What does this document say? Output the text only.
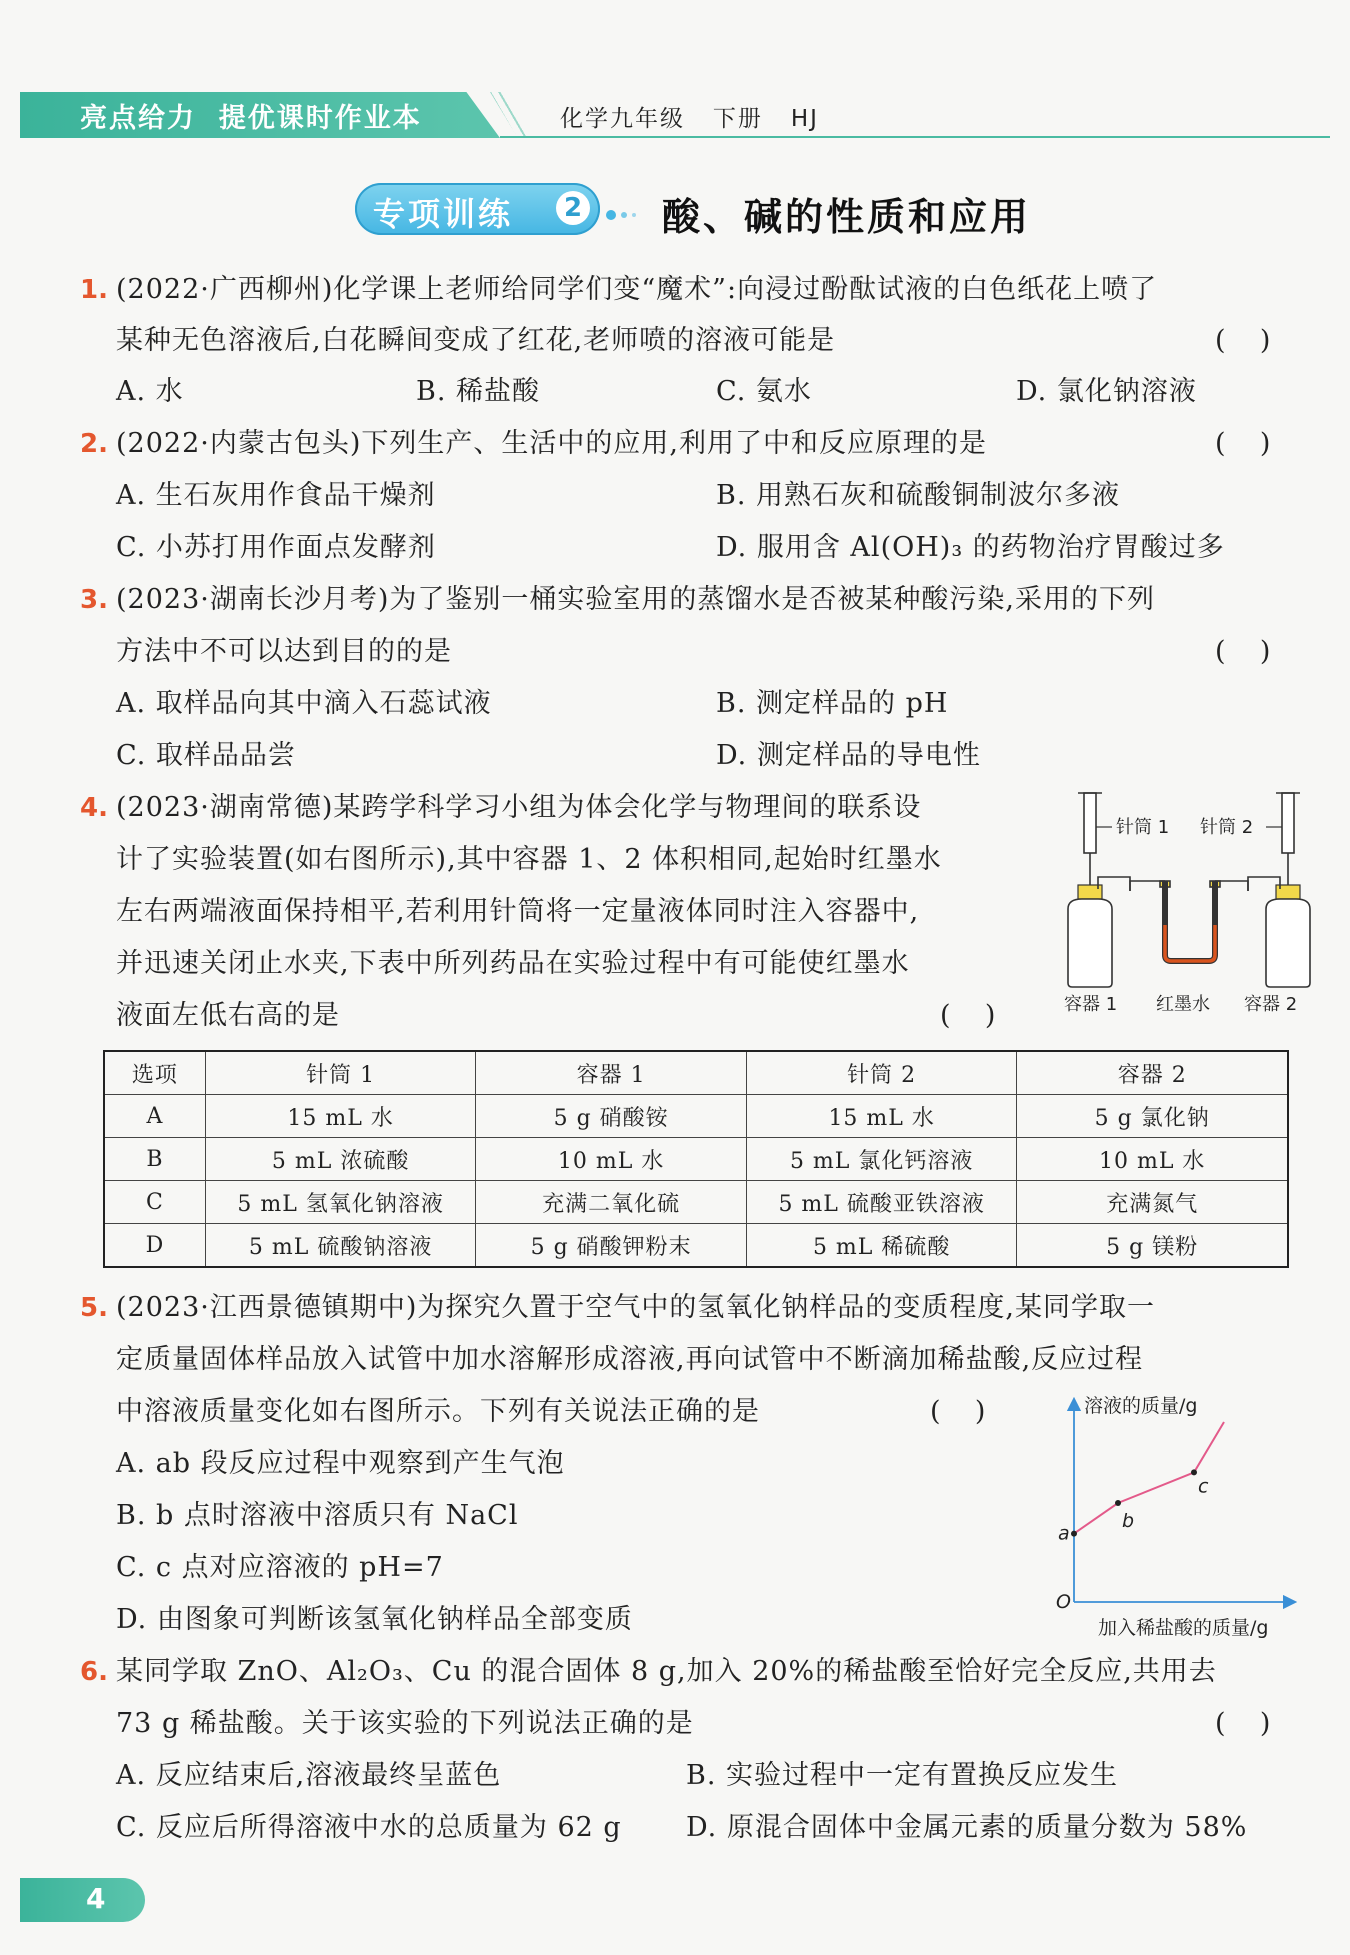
亮点给力  提优课时作业本	化学九年级   下册   HJ
专项训练	2 酸、碱的性质和应用
1. (2022·广西柳州)化学课上老师给同学们变“魔术”:向浸过酚酞试液的白色纸花上喷了
某种无色溶液后,白花瞬间变成了红花,老师喷的溶液可能是	(    )
A. 水	B. 稀盐酸	C. 氨水	D. 氯化钠溶液
2. (2022·内蒙古包头)下列生产、生活中的应用,利用了中和反应原理的是	(    )
A. 生石灰用作食品干燥剂	B. 用熟石灰和硫酸铜制波尔多液
C. 小苏打用作面点发酵剂	D. 服用含 Al(OH)₃ 的药物治疗胃酸过多
3. (2023·湖南长沙月考)为了鉴别一桶实验室用的蒸馏水是否被某种酸污染,采用的下列
方法中不可以达到目的的是	(    )
A. 取样品向其中滴入石蕊试液	B. 测定样品的 pH
C. 取样品品尝	D. 测定样品的导电性
4. (2023·湖南常德)某跨学科学习小组为体会化学与物理间的联系设
计了实验装置(如右图所示),其中容器 1、2 体积相同,起始时红墨水
左右两端液面保持相平,若利用针筒将一定量液体同时注入容器中,
并迅速关闭止水夹,下表中所列药品在实验过程中有可能使红墨水
液面左低右高的是	(    )
针筒 1 针筒 2
容器 1 红墨水 容器 2
选项	针筒 1	容器 1	针筒 2	容器 2
A	15 mL 水	5 g 硝酸铵	15 mL 水	5 g 氯化钠
B	5 mL 浓硫酸	10 mL 水	5 mL 氯化钙溶液	10 mL 水
C	5 mL 氢氧化钠溶液	充满二氧化硫	5 mL 硫酸亚铁溶液	充满氮气
D	5 mL 硫酸钠溶液	5 g 硝酸钾粉末	5 mL 稀硫酸	5 g 镁粉
5. (2023·江西景德镇期中)为探究久置于空气中的氢氧化钠样品的变质程度,某同学取一
定质量固体样品放入试管中加水溶解形成溶液,再向试管中不断滴加稀盐酸,反应过程
中溶液质量变化如右图所示。下列有关说法正确的是	(    )
A. ab 段反应过程中观察到产生气泡
B. b 点时溶液中溶质只有 NaCl
C. c 点对应溶液的 pH=7
D. 由图象可判断该氢氧化钠样品全部变质
溶液的质量/g
加入稀盐酸的质量/g
O
a
b
c
6. 某同学取 ZnO、Al₂O₃、Cu 的混合固体 8 g,加入 20%的稀盐酸至恰好完全反应,共用去
73 g 稀盐酸。关于该实验的下列说法正确的是	(    )
A. 反应结束后,溶液最终呈蓝色	B. 实验过程中一定有置换反应发生
C. 反应后所得溶液中水的总质量为 62 g D. 原混合固体中金属元素的质量分数为 58%
4
